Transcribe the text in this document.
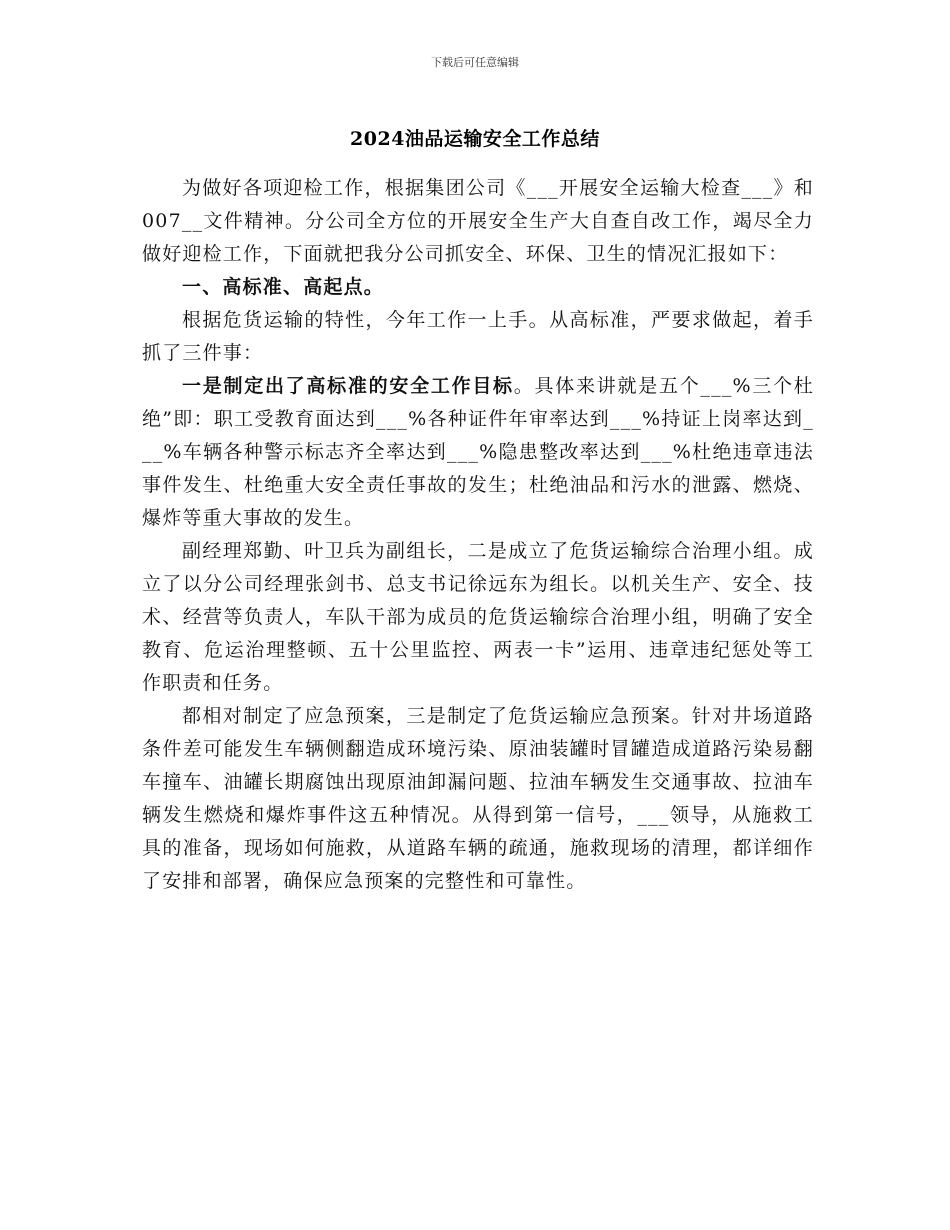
下载后可任意编辑
2024油品运输安全工作总结

为做好各项迎检工作，根据集团公司《___开展安全运输大检查___》和007__文件精神。分公司全方位的开展安全生产大自查自改工作，竭尽全力做好迎检工作，下面就把我分公司抓安全、环保、卫生的情况汇报如下：

一、高标准、高起点。

根据危货运输的特性，今年工作一上手。从高标准，严要求做起，着手抓了三件事：

一是制定出了高标准的安全工作目标。具体来讲就是五个___%三个杜绝”即：职工受教育面达到___%各种证件年审率达到___%持证上岗率达到___%车辆各种警示标志齐全率达到___%隐患整改率达到___%杜绝违章违法事件发生、杜绝重大安全责任事故的发生；杜绝油品和污水的泄露、燃烧、爆炸等重大事故的发生。

副经理郑勤、叶卫兵为副组长，二是成立了危货运输综合治理小组。成立了以分公司经理张剑书、总支书记徐远东为组长。以机关生产、安全、技术、经营等负责人，车队干部为成员的危货运输综合治理小组，明确了安全教育、危运治理整顿、五十公里监控、两表一卡”运用、违章违纪惩处等工作职责和任务。

都相对制定了应急预案，三是制定了危货运输应急预案。针对井场道路条件差可能发生车辆侧翻造成环境污染、原油装罐时冒罐造成道路污染易翻车撞车、油罐长期腐蚀出现原油卸漏问题、拉油车辆发生交通事故、拉油车辆发生燃烧和爆炸事件这五种情况。从得到第一信号，___领导，从施救工具的准备，现场如何施救，从道路车辆的疏通，施救现场的清理，都详细作了安排和部署，确保应急预案的完整性和可靠性。
